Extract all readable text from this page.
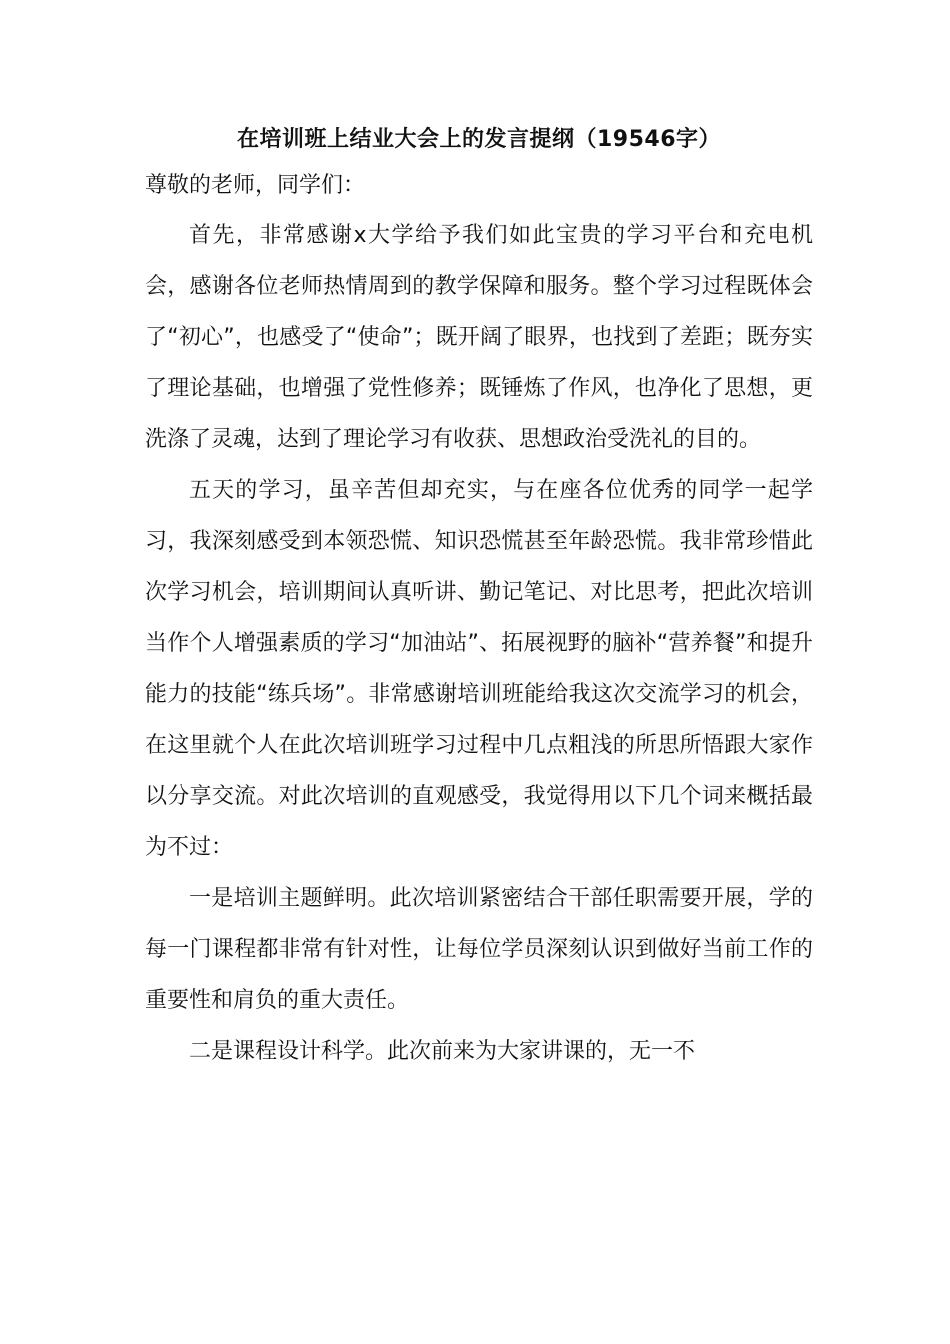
在培训班上结业大会上的发言提纲（19546字）

尊敬的老师，同学们：

首先，非常感谢x大学给予我们如此宝贵的学习平台和充电机会，感谢各位老师热情周到的教学保障和服务。整个学习过程既体会了“初心”，也感受了“使命”；既开阔了眼界，也找到了差距；既夯实了理论基础，也增强了党性修养；既锤炼了作风，也净化了思想，更洗涤了灵魂，达到了理论学习有收获、思想政治受洗礼的目的。

五天的学习，虽辛苦但却充实，与在座各位优秀的同学一起学习，我深刻感受到本领恐慌、知识恐慌甚至年龄恐慌。我非常珍惜此次学习机会，培训期间认真听讲、勤记笔记、对比思考，把此次培训当作个人增强素质的学习“加油站”、拓展视野的脑补“营养餐”和提升能力的技能“练兵场”。非常感谢培训班能给我这次交流学习的机会，在这里就个人在此次培训班学习过程中几点粗浅的所思所悟跟大家作以分享交流。对此次培训的直观感受，我觉得用以下几个词来概括最为不过：

一是培训主题鲜明。此次培训紧密结合干部任职需要开展，学的每一门课程都非常有针对性，让每位学员深刻认识到做好当前工作的重要性和肩负的重大责任。

二是课程设计科学。此次前来为大家讲课的，无一不
